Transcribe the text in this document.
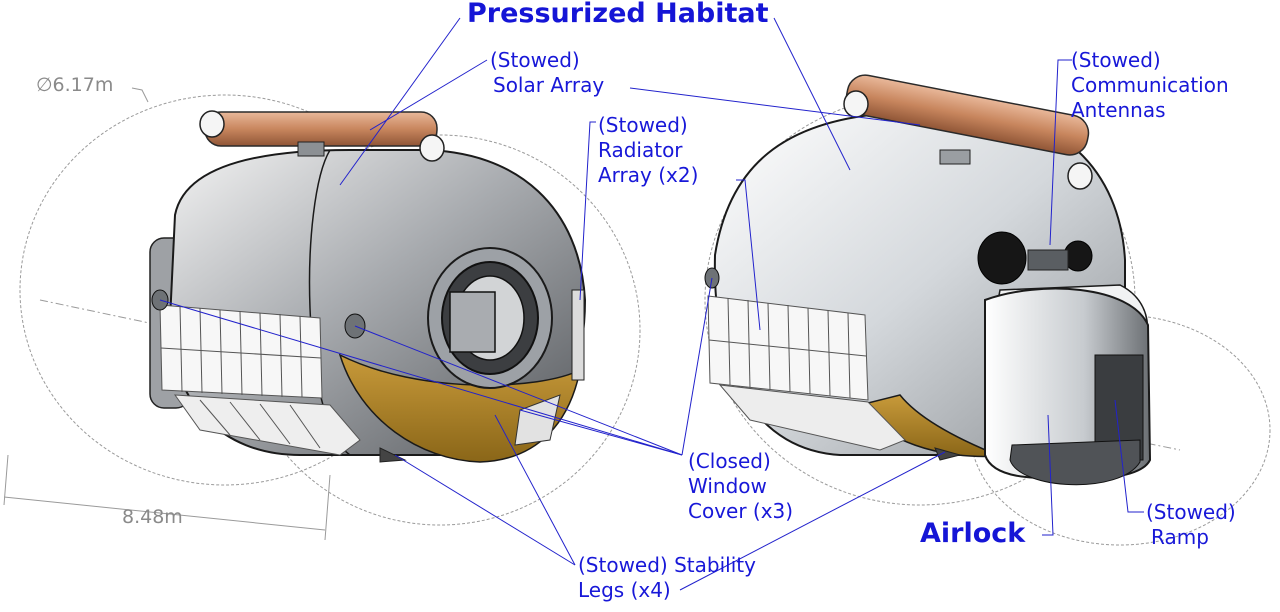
Pressurized Habitat
∅6.17m
8.48m
(Stowed)
Solar Array
(Stowed)
Radiator
Array (x2)
(Stowed)
Communication
Antennas
(Closed)
Window
Cover (x3)
(Stowed) Stability
Legs (x4)
(Stowed)
Ramp
Airlock
